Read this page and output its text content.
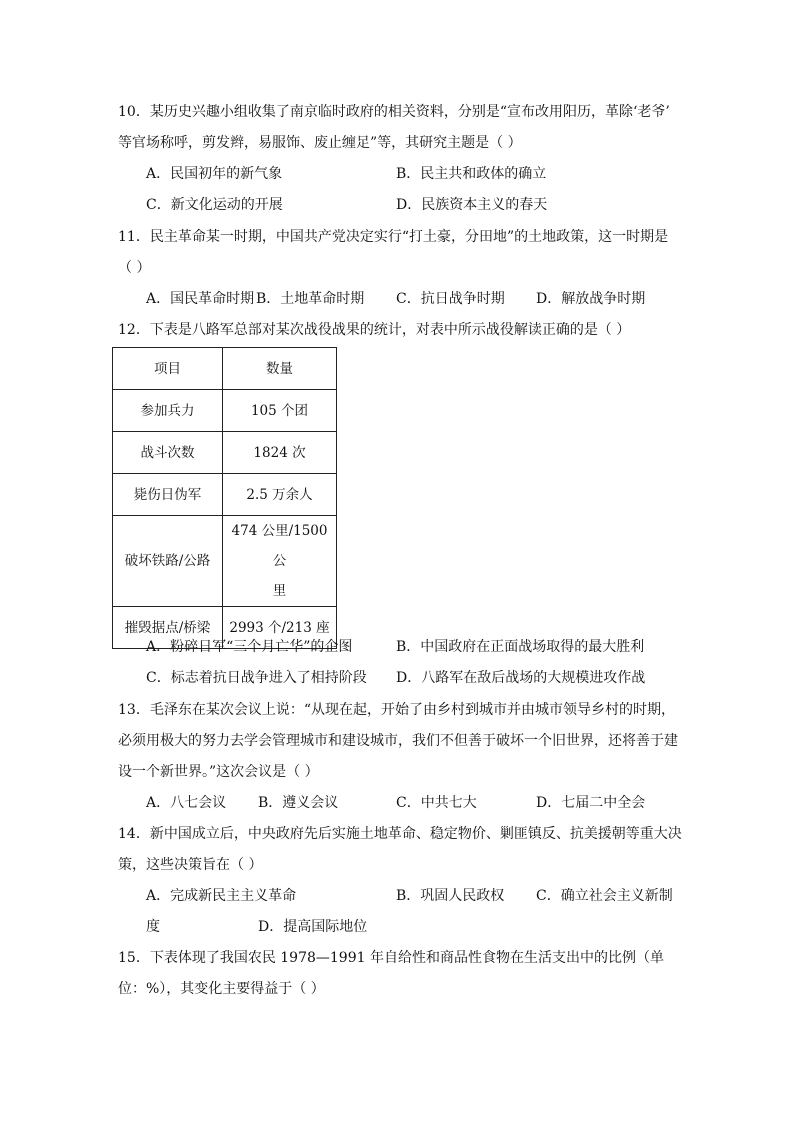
10．某历史兴趣小组收集了南京临时政府的相关资料，分别是“宣布改用阳历，革除‘老爷’
等官场称呼，剪发辫，易服饰、废止缠足”等，其研究主题是（ ）
A．民国初年的新气象	B．民主共和政体的确立
C．新文化运动的开展	D．民族资本主义的春天
11．民主革命某一时期，中国共产党决定实行“打土豪，分田地”的土地政策，这一时期是
（ ）
A．国民革命时期 B．土地革命时期 C．抗日战争时期 D．解放战争时期
12．下表是八路军总部对某次战役战果的统计，对表中所示战役解读正确的是（ ）
项目	数量
参加兵力	105 个团
战斗次数	1824 次
毙伤日伪军	2.5 万余人
破坏铁路/公路	474 公里/1500 公
里

摧毁据点/桥梁	2993 个/213 座
A．粉碎日军“三个月亡华”的企图	B．中国政府在正面战场取得的最大胜利
C．标志着抗日战争进入了相持阶段 D．八路军在敌后战场的大规模进攻作战
13．毛泽东在某次会议上说：“从现在起，开始了由乡村到城市并由城市领导乡村的时期，
必须用极大的努力去学会管理城市和建设城市，我们不但善于破坏一个旧世界，还将善于建
设一个新世界。”这次会议是（ ）
A．八七会议 B．遵义会议	C．中共七大	D．七届二中全会
14．新中国成立后，中央政府先后实施土地革命、稳定物价、剿匪镇反、抗美援朝等重大决
策，这些决策旨在（ ）
A．完成新民主主义革命	B．巩固人民政权 C．确立社会主义新制
度	D．提高国际地位
15．下表体现了我国农民 1978—1991 年自给性和商品性食物在生活支出中的比例（单
位：%），其变化主要得益于（ ）
